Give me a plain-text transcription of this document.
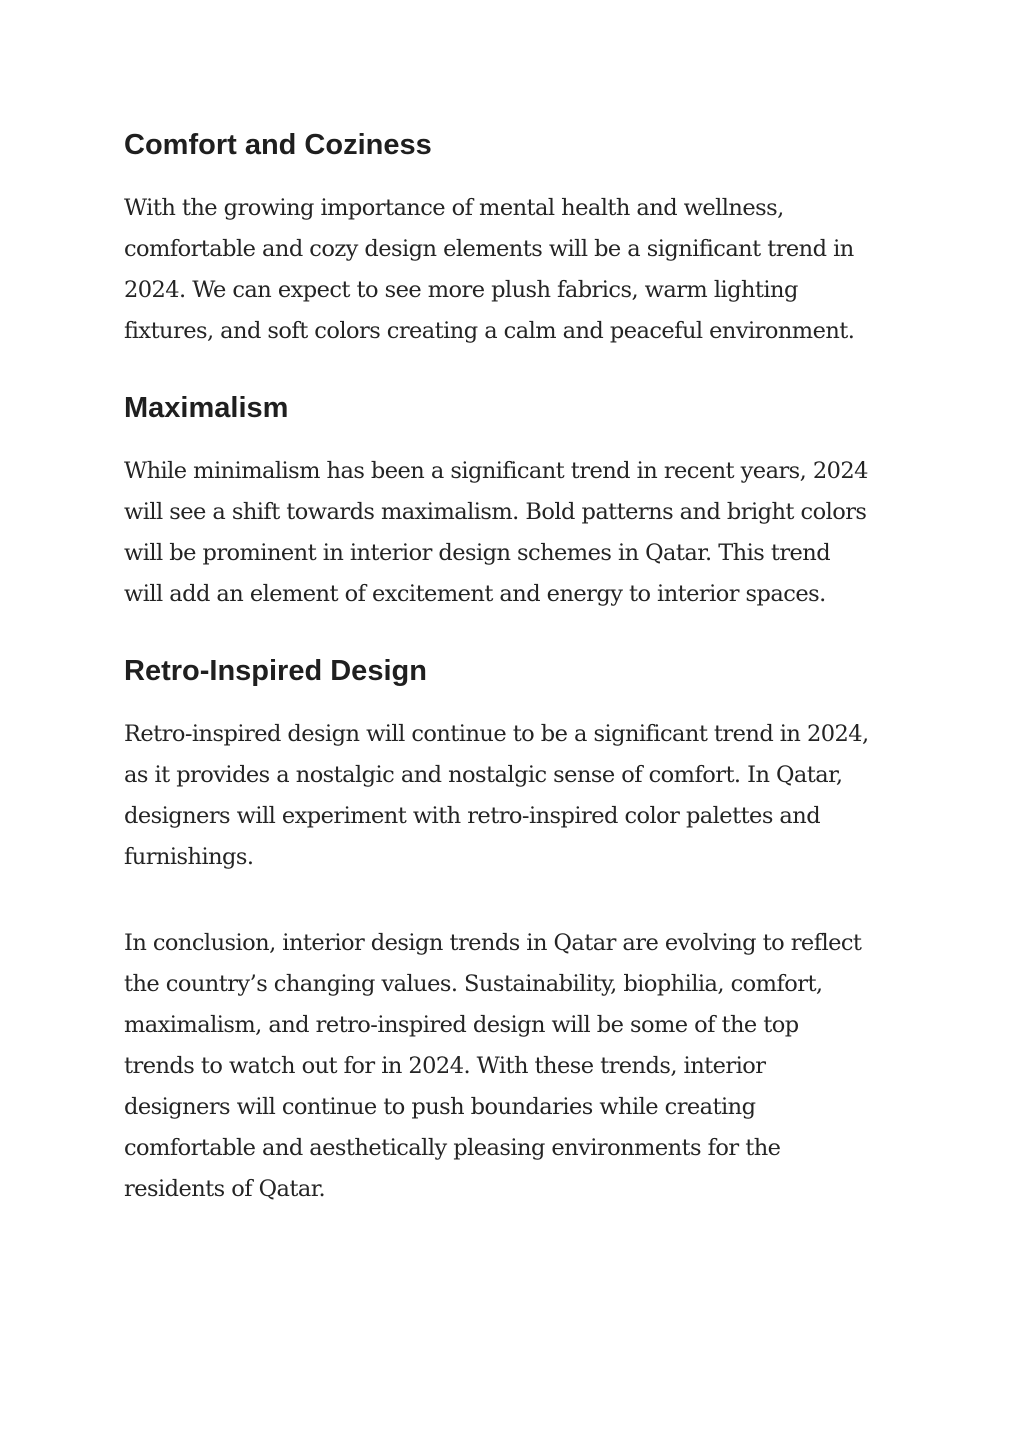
Comfort and Coziness
With the growing importance of mental health and wellness,
comfortable and cozy design elements will be a significant trend in
2024. We can expect to see more plush fabrics, warm lighting
fixtures, and soft colors creating a calm and peaceful environment.
Maximalism
While minimalism has been a significant trend in recent years, 2024
will see a shift towards maximalism. Bold patterns and bright colors
will be prominent in interior design schemes in Qatar. This trend
will add an element of excitement and energy to interior spaces.
Retro-Inspired Design
Retro-inspired design will continue to be a significant trend in 2024,
as it provides a nostalgic and nostalgic sense of comfort. In Qatar,
designers will experiment with retro-inspired color palettes and
furnishings.
In conclusion, interior design trends in Qatar are evolving to reflect
the country’s changing values. Sustainability, biophilia, comfort,
maximalism, and retro-inspired design will be some of the top
trends to watch out for in 2024. With these trends, interior
designers will continue to push boundaries while creating
comfortable and aesthetically pleasing environments for the
residents of Qatar.
